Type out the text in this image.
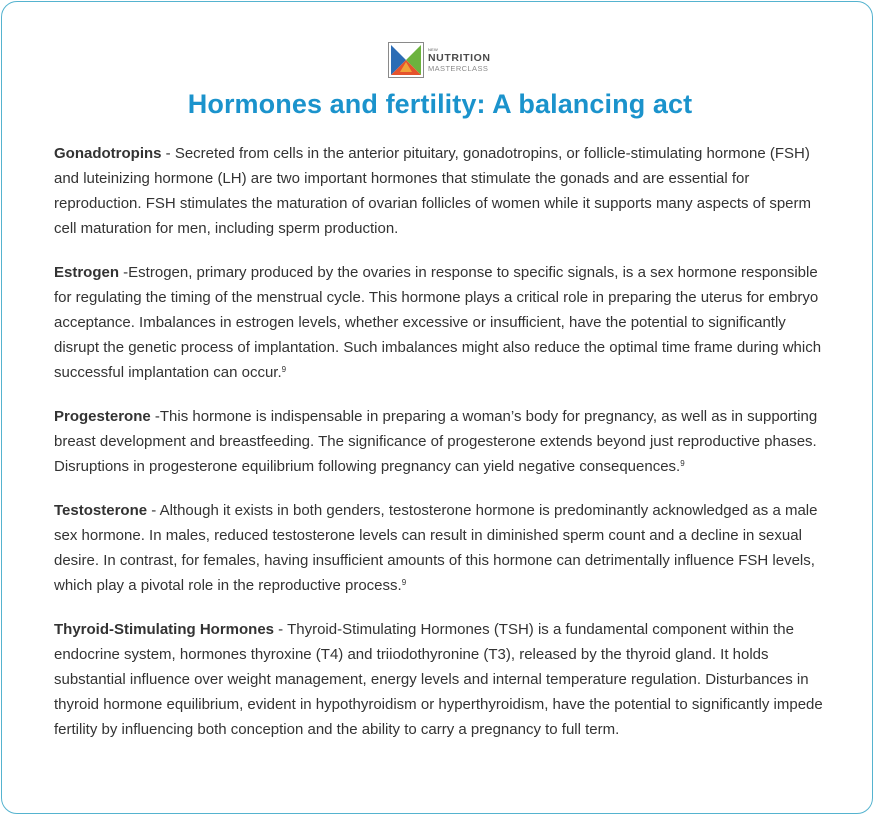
NEW
NUTRITION
MASTERCLASS
Hormones and fertility: A balancing act

Gonadotropins - Secreted from cells in the anterior pituitary, gonadotropins, or follicle-stimulating hormone (FSH) and luteinizing hormone (LH) are two important hormones that stimulate the gonads and are essential for reproduction. FSH stimulates the maturation of ovarian follicles of women while it supports many aspects of sperm cell maturation for men, including sperm production.

Estrogen -Estrogen, primary produced by the ovaries in response to specific signals, is a sex hormone responsible for regulating the timing of the menstrual cycle. This hormone plays a critical role in preparing the uterus for embryo acceptance. Imbalances in estrogen levels, whether excessive or insufficient, have the potential to significantly disrupt the genetic process of implantation. Such imbalances might also reduce the optimal time frame during which successful implantation can occur.$^9$

Progesterone -This hormone is indispensable in preparing a woman’s body for pregnancy, as well as in supporting breast development and breastfeeding. The significance of progesterone extends beyond just reproductive phases. Disruptions in progesterone equilibrium following pregnancy can yield negative consequences.$^9$

Testosterone - Although it exists in both genders, testosterone hormone is predominantly acknowledged as a male sex hormone. In males, reduced testosterone levels can result in diminished sperm count and a decline in sexual desire. In contrast, for females, having insufficient amounts of this hormone can detrimentally influence FSH levels, which play a pivotal role in the reproductive process.$^9$

Thyroid-Stimulating Hormones - Thyroid-Stimulating Hormones (TSH) is a fundamental component within the endocrine system, hormones thyroxine (T4) and triiodothyronine (T3), released by the thyroid gland. It holds substantial influence over weight management, energy levels and internal temperature regulation. Disturbances in thyroid hormone equilibrium, evident in hypothyroidism or hyperthyroidism, have the potential to significantly impede fertility by influencing both conception and the ability to carry a pregnancy to full term.
